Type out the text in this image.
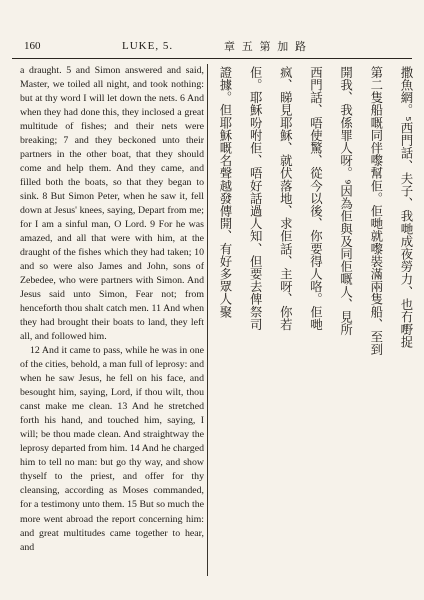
160	LUKE, 5.	章 五 第 加 路

a draught. 5 and Simon answered and said, Master, we toiled all night, and took nothing: but at thy word I will let down the nets. 6 And when they had done this, they inclosed a great multitude of fishes; and their nets were breaking; 7 and they beckoned unto their partners in the other boat, that they should come and help them. And they came, and filled both the boats, so that they began to sink. 8 But Simon Peter, when he saw it, fell down at Jesus' knees, saying, Depart from me; for I am a sinful man, O Lord. 9 For he was amazed, and all that were with him, at the draught of the fishes which they had taken; 10 and so were also James and John, sons of Zebedee, who were partners with Simon. And Jesus said unto Simon, Fear not; from henceforth thou shalt catch men. 11 And when they had brought their boats to land, they left all, and followed him.

12 And it came to pass, while he was in one of the cities, behold, a man full of leprosy: and when he saw Jesus, he fell on his face, and besought him, saying, Lord, if thou wilt, thou canst make me clean. 13 And he stretched forth his hand, and touched him, saying, I will; be thou made clean. And straightway the leprosy departed from him. 14 And he charged him to tell no man: but go thy way, and show thyself to the priest, and offer for thy cleansing, according as Moses commanded, for a testimony unto them. 15 But so much the more went abroad the report concerning him: and great multitudes came together to hear, and

撒魚網。⁵西門話、夫子、我哋成夜勞力、也冇嘢捉
第二隻船嘅同伴嚟幫佢。佢哋就嚟裝滿兩隻船、至到
開我、我係罪人呀。⁹因為佢與及同佢嘅人、見所
西門話、唔使驚、從今以後、你要得人咯。佢哋
疯、睇見耶穌、就伏落地、求佢話、主呀、你若
佢。耶穌吩咐佢、唔好話過人知、但要去俾祭司
證據。但耶穌嘅名聲越發傳開、有好多眾人聚
